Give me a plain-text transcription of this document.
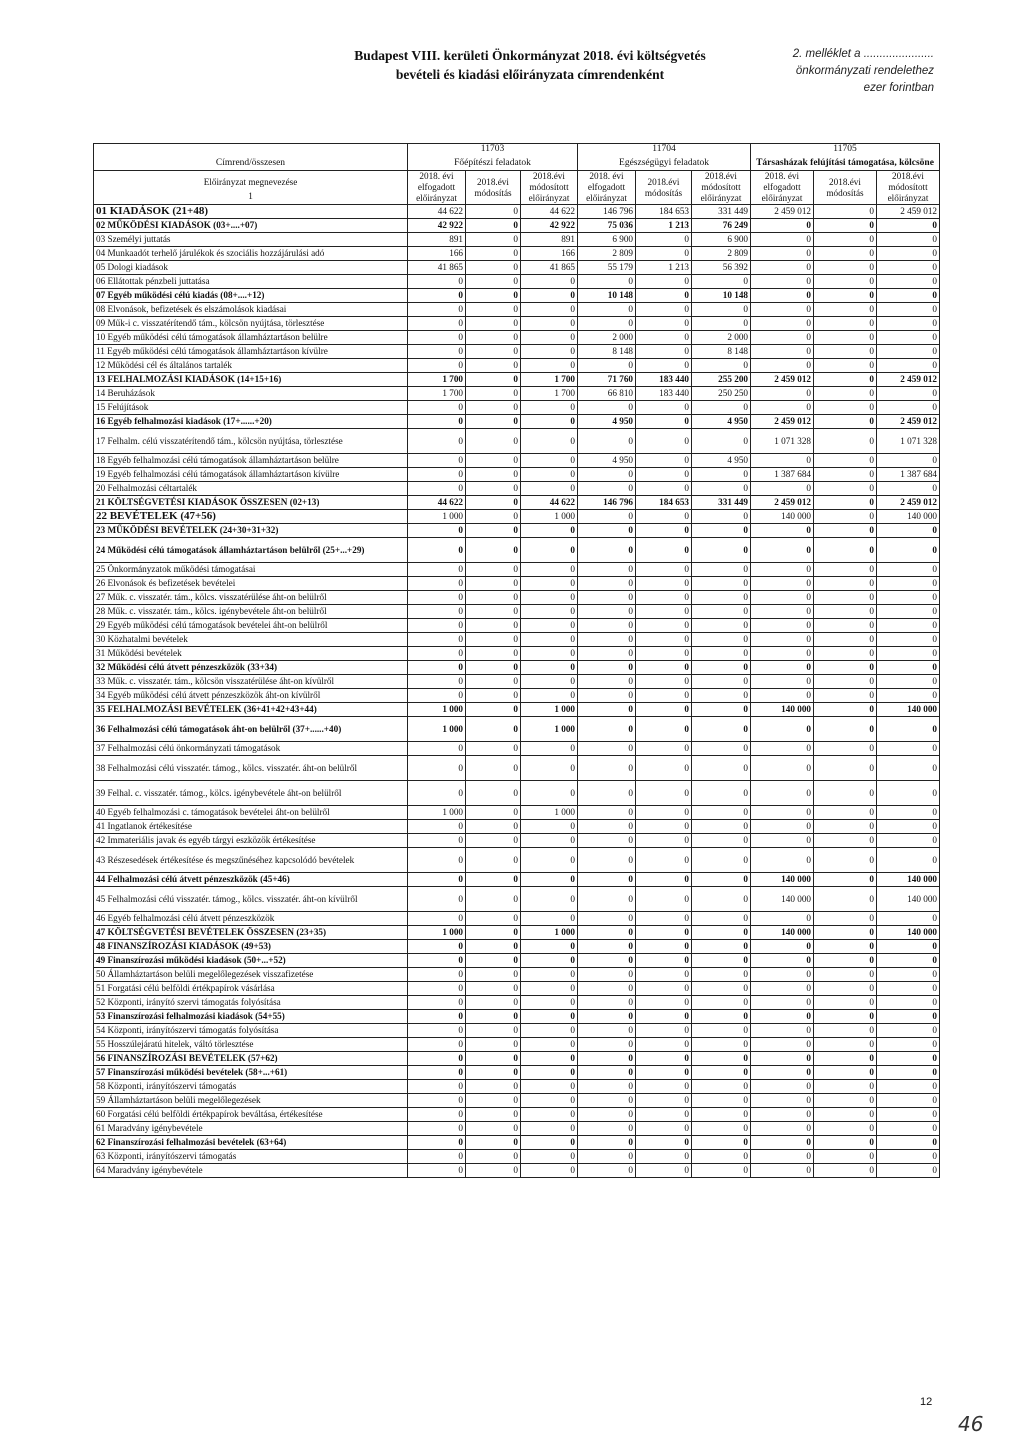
Budapest VIII. kerületi Önkormányzat 2018. évi költségvetés
bevételi és kiadási előirányzata címrendenként
2. melléklet a ......................
önkormányzati rendelethez
ezer forintban
	11703			11704			11705		
Címrend/összesen	Főépítészi feladatok			Egészségügyi feladatok			Társasházak felújítási támogatása, kölcsöne		

Előirányzat megnevezése
1	2018. évi elfogadott előirányzat	2018.évi módosítás	2018.évi módosított előirányzat	2018. évi elfogadott előirányzat	2018.évi módosítás	2018.évi módosított előirányzat	2018. évi elfogadott előirányzat	2018.évi módosítás	2018.évi módosított előirányzat
01 KIADÁSOK (21+48)	44 622	0	44 622	146 796	184 653	331 449	2 459 012	0	2 459 012
02 MŰKÖDÉSI KIADÁSOK (03+....+07)	42 922	0	42 922	75 036	1 213	76 249	0	0	0
03 Személyi juttatás	891	0	891	6 900	0	6 900	0	0	0
04 Munkaadót terhelő járulékok és szociális hozzájárulási adó	166	0	166	2 809	0	2 809	0	0	0
05 Dologi kiadások	41 865	0	41 865	55 179	1 213	56 392	0	0	0
06 Ellátottak pénzbeli juttatása	0	0	0	0	0	0	0	0	0
07 Egyéb működési célú kiadás (08+....+12)	0	0	0	10 148	0	10 148	0	0	0
08 Elvonások, befizetések és elszámolások kiadásai	0	0	0	0	0	0	0	0	0
09 Műk-i c. visszatérítendő tám., kölcsön nyújtása, törlesztése	0	0	0	0	0	0	0	0	0
10 Egyéb működési célú támogatások államháztartáson belülre	0	0	0	2 000	0	2 000	0	0	0
11 Egyéb működési célú támogatások államháztartáson kívülre	0	0	0	8 148	0	8 148	0	0	0
12 Működési cél és általános tartalék	0	0	0	0	0	0	0	0	0
13 FELHALMOZÁSI KIADÁSOK (14+15+16)	1 700	0	1 700	71 760	183 440	255 200	2 459 012	0	2 459 012
14 Beruházások	1 700	0	1 700	66 810	183 440	250 250	0	0	0
15 Felújítások	0	0	0	0	0	0	0	0	0
16 Egyéb felhalmozási kiadások (17+......+20)	0	0	0	4 950	0	4 950	2 459 012	0	2 459 012
17 Felhalm. célú visszatérítendő tám., kölcsön nyújtása, törlesztése	0	0	0	0	0	0	1 071 328	0	1 071 328
18 Egyéb felhalmozási célú támogatások államháztartáson belülre	0	0	0	4 950	0	4 950	0	0	0
19 Egyéb felhalmozási célú támogatások államháztartáson kívülre	0	0	0	0	0	0	1 387 684	0	1 387 684
20 Felhalmozási céltartalék	0	0	0	0	0	0	0	0	0
21 KÖLTSÉGVETÉSI KIADÁSOK ÖSSZESEN (02+13)	44 622	0	44 622	146 796	184 653	331 449	2 459 012	0	2 459 012
22 BEVÉTELEK (47+56)	1 000	0	1 000	0	0	0	140 000	0	140 000
23 MŰKÖDÉSI BEVÉTELEK (24+30+31+32)	0	0	0	0	0	0	0	0	0
24 Működési célú támogatások államháztartáson belülről (25+...+29)	0	0	0	0	0	0	0	0	0
25 Önkormányzatok működési támogatásai	0	0	0	0	0	0	0	0	0
26 Elvonások és befizetések bevételei	0	0	0	0	0	0	0	0	0
27 Műk. c. visszatér. tám., kölcs. visszatérülése áht-on belülről	0	0	0	0	0	0	0	0	0
28 Műk. c. visszatér. tám., kölcs. igénybevétele áht-on belülről	0	0	0	0	0	0	0	0	0
29 Egyéb működési célú támogatások bevételei áht-on belülről	0	0	0	0	0	0	0	0	0
30 Közhatalmi bevételek	0	0	0	0	0	0	0	0	0
31 Működési bevételek	0	0	0	0	0	0	0	0	0
32 Működési célú átvett pénzeszközök (33+34)	0	0	0	0	0	0	0	0	0
33 Műk. c. visszatér. tám., kölcsön visszatérülése áht-on kívülről	0	0	0	0	0	0	0	0	0
34 Egyéb működési célú átvett pénzeszközök áht-on kívülről	0	0	0	0	0	0	0	0	0
35 FELHALMOZÁSI BEVÉTELEK (36+41+42+43+44)	1 000	0	1 000	0	0	0	140 000	0	140 000
36 Felhalmozási célú támogatások áht-on belülről (37+......+40)	1 000	0	1 000	0	0	0	0	0	0
37 Felhalmozási célú önkormányzati támogatások	0	0	0	0	0	0	0	0	0
38 Felhalmozási célú visszatér. támog., kölcs. visszatér. áht-on belülről	0	0	0	0	0	0	0	0	0
39 Felhal. c. visszatér. támog., kölcs. igénybevétele áht-on belülről	0	0	0	0	0	0	0	0	0
40 Egyéb felhalmozási c. támogatások bevételei áht-on belülről	1 000	0	1 000	0	0	0	0	0	0
41 Ingatlanok értékesítése	0	0	0	0	0	0	0	0	0
42 Immateriális javak és egyéb tárgyi eszközök értékesítése	0	0	0	0	0	0	0	0	0
43 Részesedések értékesítése és megszűnéséhez kapcsolódó bevételek	0	0	0	0	0	0	0	0	0
44 Felhalmozási célú átvett pénzeszközök (45+46)	0	0	0	0	0	0	140 000	0	140 000
45 Felhalmozási célú visszatér. támog., kölcs. visszatér. áht-on kívülről	0	0	0	0	0	0	140 000	0	140 000
46 Egyéb felhalmozási célú átvett pénzeszközök	0	0	0	0	0	0	0	0	0
47 KÖLTSÉGVETÉSI BEVÉTELEK ÖSSZESEN (23+35)	1 000	0	1 000	0	0	0	140 000	0	140 000
48 FINANSZÍROZÁSI KIADÁSOK (49+53)	0	0	0	0	0	0	0	0	0
49 Finanszírozási működési kiadások (50+...+52)	0	0	0	0	0	0	0	0	0
50 Államháztartáson belüli megelőlegezések visszafizetése	0	0	0	0	0	0	0	0	0
51 Forgatási célú belföldi értékpapírok vásárlása	0	0	0	0	0	0	0	0	0
52 Központi, irányító szervi támogatás folyósítása	0	0	0	0	0	0	0	0	0
53 Finanszírozási felhalmozási kiadások (54+55)	0	0	0	0	0	0	0	0	0
54 Központi, irányítószervi támogatás folyósítása	0	0	0	0	0	0	0	0	0
55 Hosszúlejáratú hitelek, váltó törlesztése	0	0	0	0	0	0	0	0	0
56 FINANSZÍROZÁSI BEVÉTELEK (57+62)	0	0	0	0	0	0	0	0	0
57 Finanszírozási működési bevételek (58+...+61)	0	0	0	0	0	0	0	0	0
58 Központi, irányítószervi támogatás	0	0	0	0	0	0	0	0	0
59 Államháztartáson belüli megelőlegezések	0	0	0	0	0	0	0	0	0
60 Forgatási célú belföldi értékpapírok beváltása, értékesítése	0	0	0	0	0	0	0	0	0
61 Maradvány igénybevétele	0	0	0	0	0	0	0	0	0
62 Finanszírozási felhalmozási bevételek (63+64)	0	0	0	0	0	0	0	0	0
63 Központi, irányítószervi támogatás	0	0	0	0	0	0	0	0	0
64 Maradvány igénybevétele	0	0	0	0	0	0	0	0	0
12
46
